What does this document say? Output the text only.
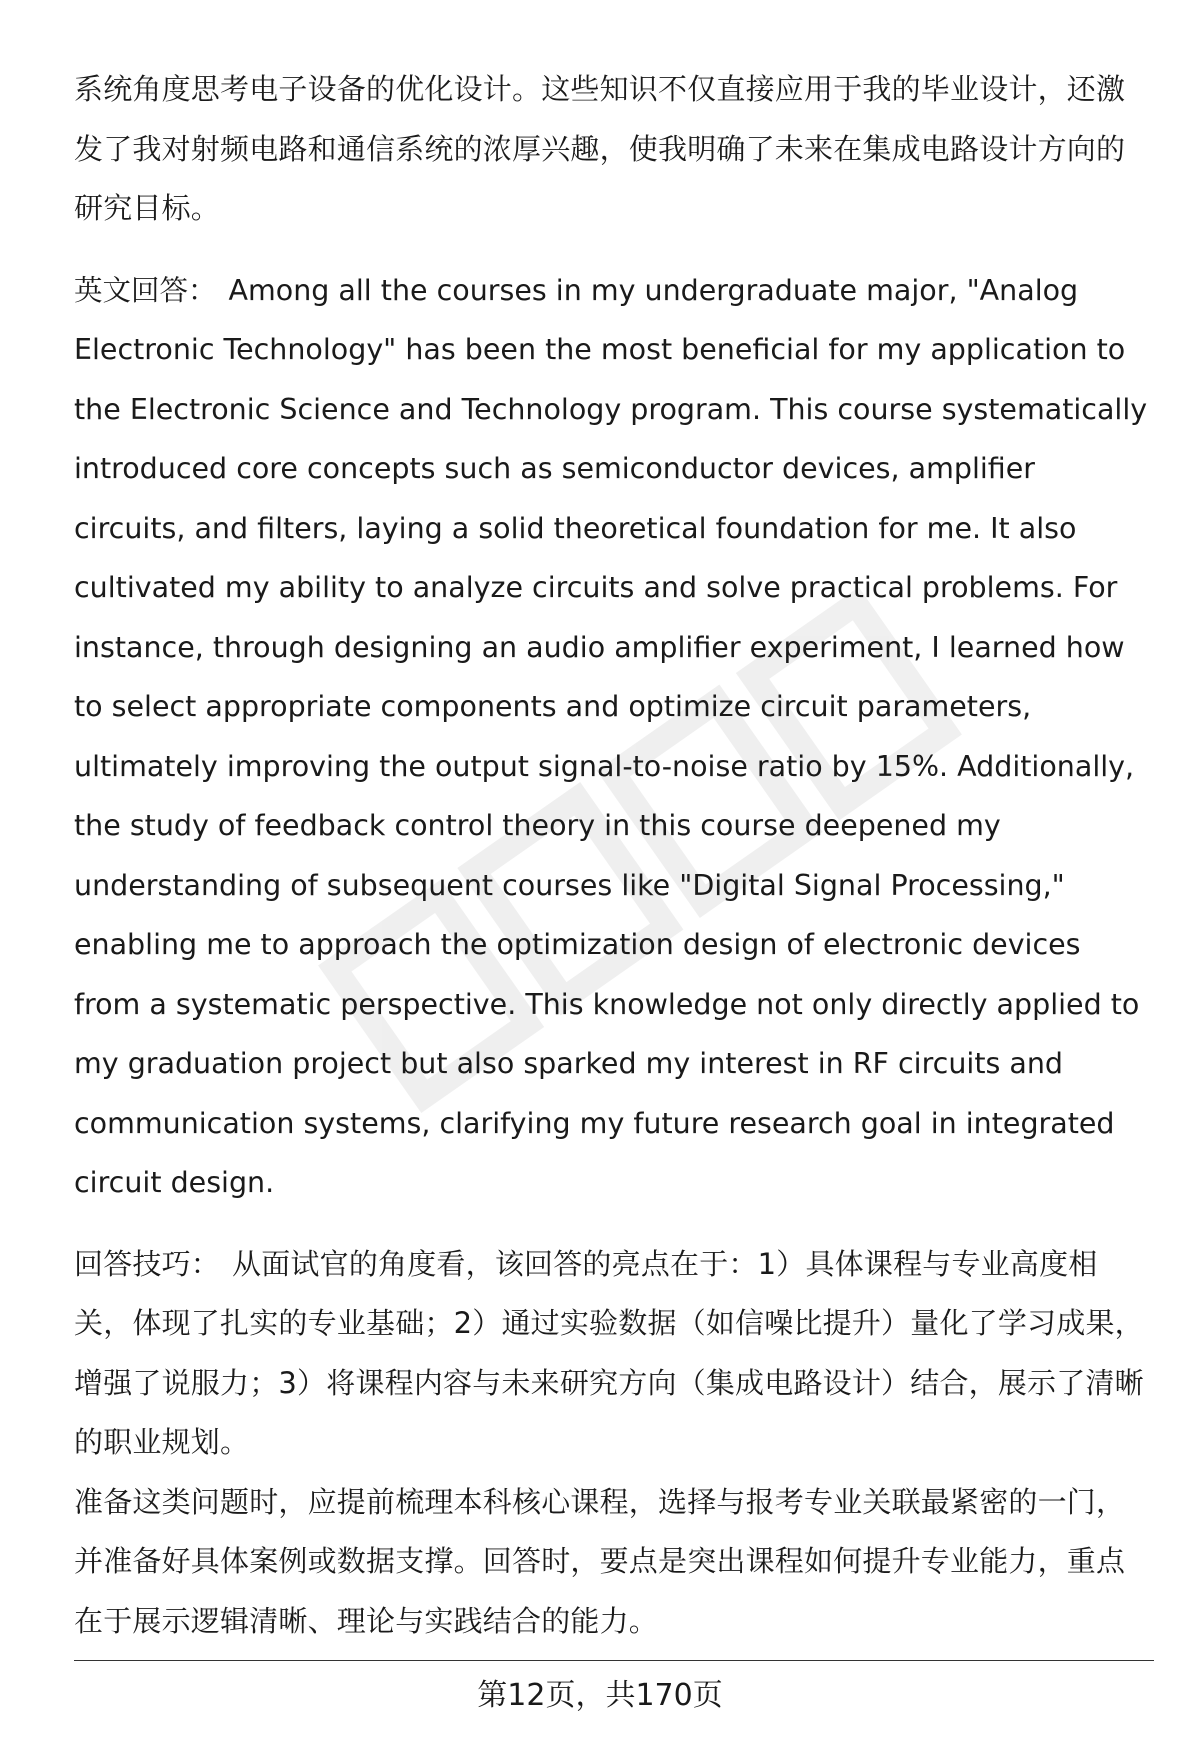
系统角度思考电子设备的优化设计。这些知识不仅直接应用于我的毕业设计，还激发了我对射频电路和通信系统的浓厚兴趣，使我明确了未来在集成电路设计方向的研究目标。

英文回答： Among all the courses in my undergraduate major, "Analog Electronic Technology" has been the most beneficial for my application to the Electronic Science and Technology program. This course systematically introduced core concepts such as semiconductor devices, amplifier circuits, and filters, laying a solid theoretical foundation for me. It also cultivated my ability to analyze circuits and solve practical problems. For instance, through designing an audio amplifier experiment, I learned how to select appropriate components and optimize circuit parameters, ultimately improving the output signal-to-noise ratio by 15%. Additionally, the study of feedback control theory in this course deepened my understanding of subsequent courses like "Digital Signal Processing," enabling me to approach the optimization design of electronic devices from a systematic perspective. This knowledge not only directly applied to my graduation project but also sparked my interest in RF circuits and communication systems, clarifying my future research goal in integrated circuit design.

回答技巧： 从面试官的角度看，该回答的亮点在于：1）具体课程与专业高度相关，体现了扎实的专业基础；2）通过实验数据（如信噪比提升）量化了学习成果，增强了说服力；3）将课程内容与未来研究方向（集成电路设计）结合，展示了清晰的职业规划。

准备这类问题时，应提前梳理本科核心课程，选择与报考专业关联最紧密的一门，并准备好具体案例或数据支撑。回答时，要点是突出课程如何提升专业能力，重点在于展示逻辑清晰、理论与实践结合的能力。

第12页，共170页
